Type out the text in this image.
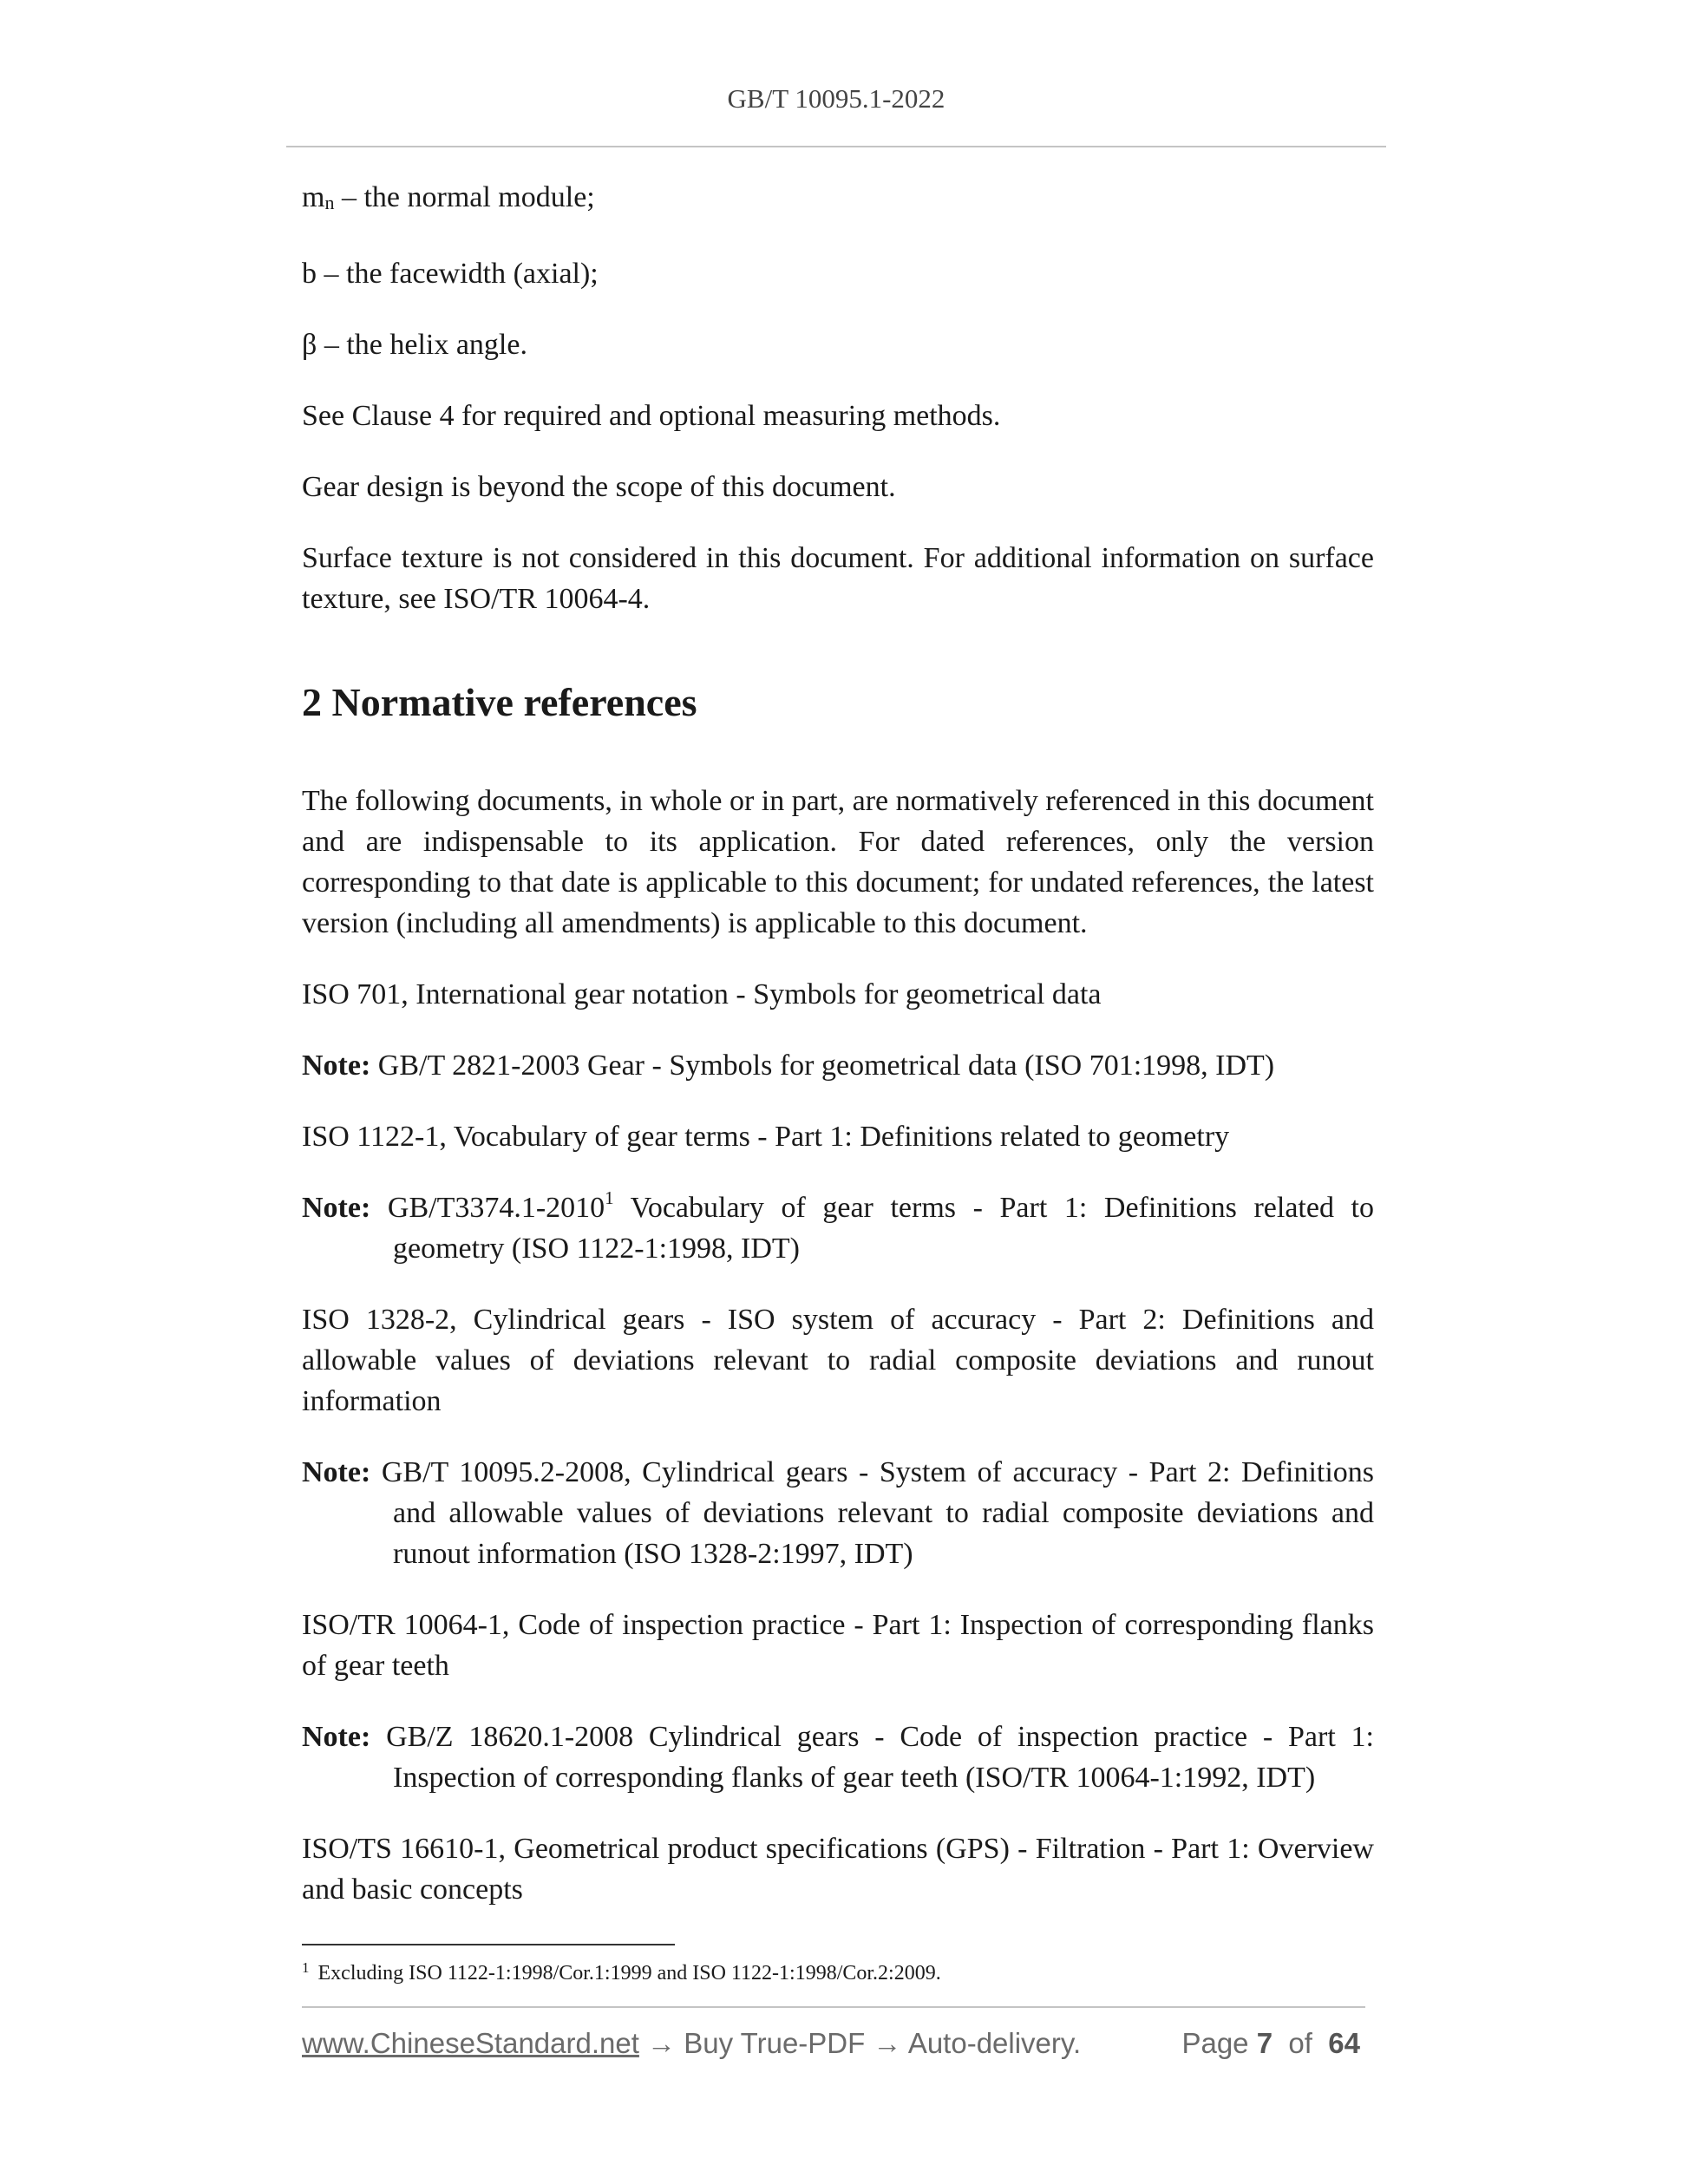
GB/T 10095.1-2022

mn – the normal module;

b – the facewidth (axial);

β – the helix angle.

See Clause 4 for required and optional measuring methods.

Gear design is beyond the scope of this document.

Surface texture is not considered in this document. For additional information on surface texture, see ISO/TR 10064-4.

2 Normative references

The following documents, in whole or in part, are normatively referenced in this document and are indispensable to its application. For dated references, only the version corresponding to that date is applicable to this document; for undated references, the latest version (including all amendments) is applicable to this document.

ISO 701, International gear notation - Symbols for geometrical data

Note: GB/T 2821-2003 Gear - Symbols for geometrical data (ISO 701:1998, IDT)

ISO 1122-1, Vocabulary of gear terms - Part 1: Definitions related to geometry

Note: GB/T3374.1-2010$^1$ Vocabulary of gear terms - Part 1: Definitions related to geometry (ISO 1122-1:1998, IDT)

ISO 1328-2, Cylindrical gears - ISO system of accuracy - Part 2: Definitions and allowable values of deviations relevant to radial composite deviations and runout information

Note: GB/T 10095.2-2008, Cylindrical gears - System of accuracy - Part 2: Definitions and allowable values of deviations relevant to radial composite deviations and runout information (ISO 1328-2:1997, IDT)

ISO/TR 10064-1, Code of inspection practice - Part 1: Inspection of corresponding flanks of gear teeth

Note: GB/Z 18620.1-2008 Cylindrical gears - Code of inspection practice - Part 1: Inspection of corresponding flanks of gear teeth (ISO/TR 10064-1:1992, IDT)

ISO/TS 16610-1, Geometrical product specifications (GPS) - Filtration - Part 1: Overview and basic concepts

$^1$ Excluding ISO 1122-1:1998/Cor.1:1999 and ISO 1122-1:1998/Cor.2:2009.
www.ChineseStandard.net → Buy True-PDF → Auto-delivery.	Page 7 of 64
